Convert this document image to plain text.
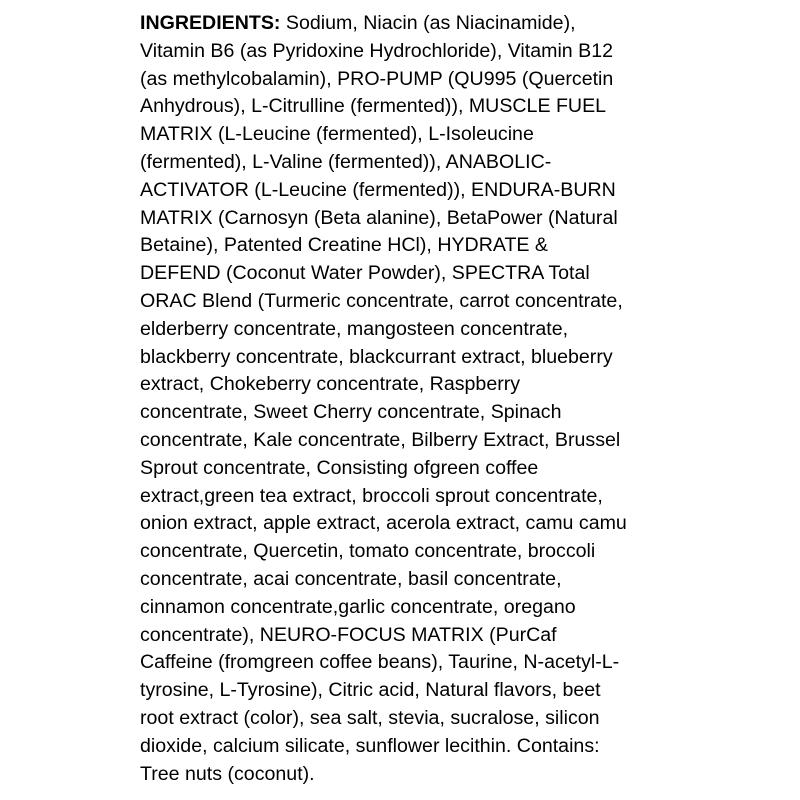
INGREDIENTS: Sodium, Niacin (as Niacinamide),
Vitamin B6 (as Pyridoxine Hydrochloride), Vitamin B12
(as methylcobalamin), PRO-PUMP (QU995 (Quercetin
Anhydrous), L-Citrulline (fermented)), MUSCLE FUEL
MATRIX (L-Leucine (fermented), L-Isoleucine
(fermented), L-Valine (fermented)), ANABOLIC-
ACTIVATOR (L-Leucine (fermented)), ENDURA-BURN
MATRIX (Carnosyn (Beta alanine), BetaPower (Natural
Betaine), Patented Creatine HCl), HYDRATE &
DEFEND (Coconut Water Powder), SPECTRA Total
ORAC Blend (Turmeric concentrate, carrot concentrate,
elderberry concentrate, mangosteen concentrate,
blackberry concentrate, blackcurrant extract, blueberry
extract, Chokeberry concentrate, Raspberry
concentrate, Sweet Cherry concentrate, Spinach
concentrate, Kale concentrate, Bilberry Extract, Brussel
Sprout concentrate, Consisting ofgreen coffee
extract,green tea extract, broccoli sprout concentrate,
onion extract, apple extract, acerola extract, camu camu
concentrate, Quercetin, tomato concentrate, broccoli
concentrate, acai concentrate, basil concentrate,
cinnamon concentrate,garlic concentrate, oregano
concentrate), NEURO-FOCUS MATRIX (PurCaf
Caffeine (fromgreen coffee beans), Taurine, N-acetyl-L-
tyrosine, L-Tyrosine), Citric acid, Natural flavors, beet
root extract (color), sea salt, stevia, sucralose, silicon
dioxide, calcium silicate, sunflower lecithin. Contains:
Tree nuts (coconut).
